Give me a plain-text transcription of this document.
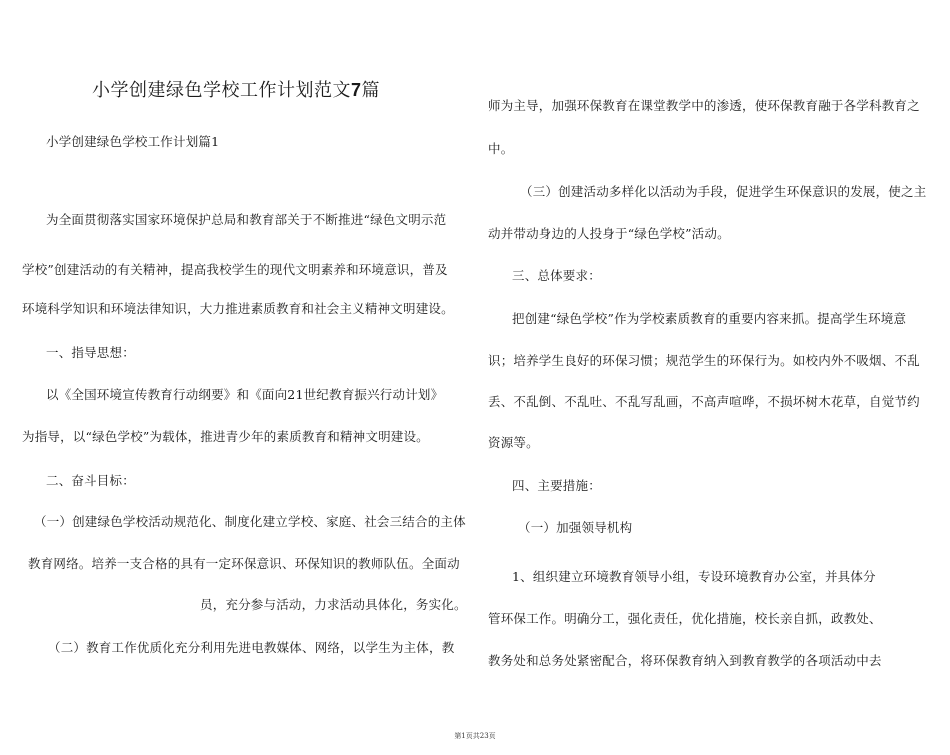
小学创建绿色学校工作计划范文7篇
小学创建绿色学校工作计划篇1
为全面贯彻落实国家环境保护总局和教育部关于不断推进“绿色文明示范
学校”创建活动的有关精神，提高我校学生的现代文明素养和环境意识，普及
环境科学知识和环境法律知识，大力推进素质教育和社会主义精神文明建设。
一、指导思想：
以《全国环境宣传教育行动纲要》和《面向21世纪教育振兴行动计划》
为指导，以“绿色学校”为载体，推进青少年的素质教育和精神文明建设。
二、奋斗目标：
（一）创建绿色学校活动规范化、制度化建立学校、家庭、社会三结合的主体
教育网络。培养一支合格的具有一定环保意识、环保知识的教师队伍。全面动
员，充分参与活动，力求活动具体化，务实化。
（二）教育工作优质化充分利用先进电教媒体、网络，以学生为主体，教
师为主导，加强环保教育在课堂教学中的渗透，使环保教育融于各学科教育之
中。
（三）创建活动多样化以活动为手段，促进学生环保意识的发展，使之主
动并带动身边的人投身于“绿色学校”活动。
三、总体要求：
把创建“绿色学校”作为学校素质教育的重要内容来抓。提高学生环境意
识；培养学生良好的环保习惯；规范学生的环保行为。如校内外不吸烟、不乱
丢、不乱倒、不乱吐、不乱写乱画，不高声喧哗，不损坏树木花草，自觉节约
资源等。
四、主要措施：
（一）加强领导机构
1、组织建立环境教育领导小组，专设环境教育办公室，并具体分
管环保工作。明确分工，强化责任，优化措施，校长亲自抓，政教处、
教务处和总务处紧密配合，将环保教育纳入到教育教学的各项活动中去
第1页共23页
